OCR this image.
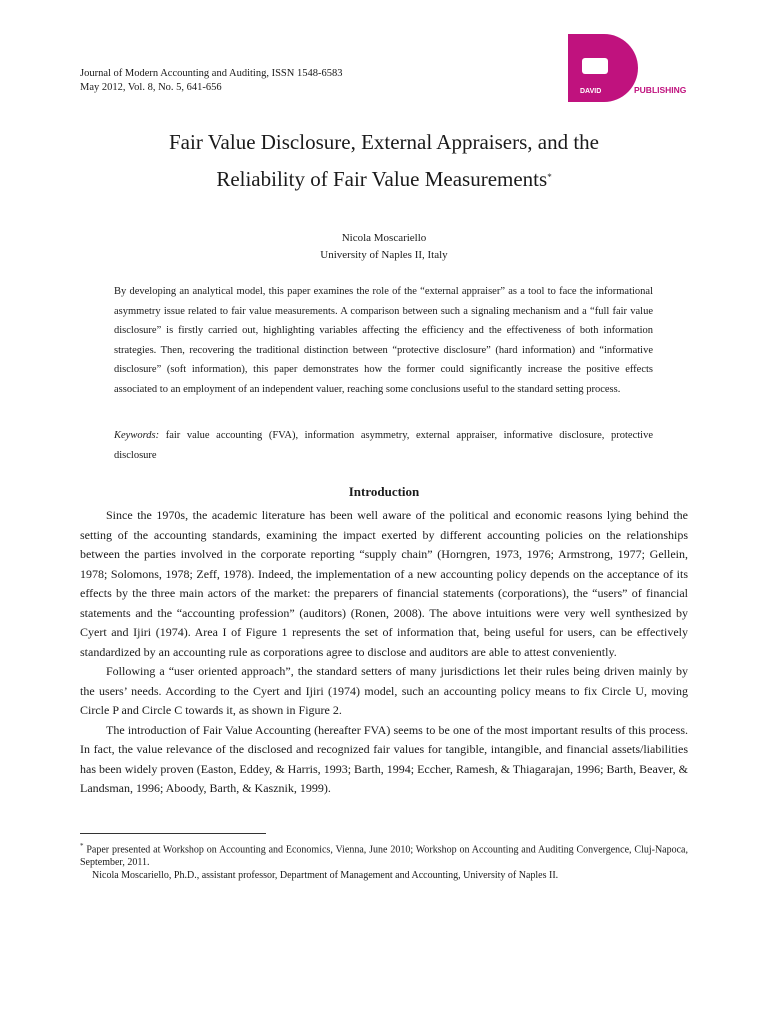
Journal of Modern Accounting and Auditing, ISSN 1548-6583
May 2012, Vol. 8, No. 5, 641-656	DAVID	PUBLISHING
Fair Value Disclosure, External Appraisers, and the
Reliability of Fair Value Measurements*
Nicola Moscariello
University of Naples II, Italy
By developing an analytical model, this paper examines the role of the “external appraiser” as a tool to face the informational asymmetry issue related to fair value measurements. A comparison between such a signaling mechanism and a “full fair value disclosure” is firstly carried out, highlighting variables affecting the efficiency and the effectiveness of both information strategies. Then, recovering the traditional distinction between “protective disclosure” (hard information) and “informative disclosure” (soft information), this paper demonstrates how the former could significantly increase the positive effects associated to an employment of an independent valuer, reaching some conclusions useful to the standard setting process.
Keywords: fair value accounting (FVA), information asymmetry, external appraiser, informative disclosure, protective disclosure
Introduction

Since the 1970s, the academic literature has been well aware of the political and economic reasons lying behind the setting of the accounting standards, examining the impact exerted by different accounting policies on the relationships between the parties involved in the corporate reporting “supply chain” (Horngren, 1973, 1976; Armstrong, 1977; Gellein, 1978; Solomons, 1978; Zeff, 1978). Indeed, the implementation of a new accounting policy depends on the acceptance of its effects by the three main actors of the market: the preparers of financial statements (corporations), the “users” of financial statements and the “accounting profession” (auditors) (Ronen, 2008). The above intuitions were very well synthesized by Cyert and Ijiri (1974). Area I of Figure 1 represents the set of information that, being useful for users, can be effectively standardized by an accounting rule as corporations agree to disclose and auditors are able to attest conveniently.

Following a “user oriented approach”, the standard setters of many jurisdictions let their rules being driven mainly by the users’ needs. According to the Cyert and Ijiri (1974) model, such an accounting policy means to fix Circle U, moving Circle P and Circle C towards it, as shown in Figure 2.

The introduction of Fair Value Accounting (hereafter FVA) seems to be one of the most important results of this process. In fact, the value relevance of the disclosed and recognized fair values for tangible, intangible, and financial assets/liabilities has been widely proven (Easton, Eddey, & Harris, 1993; Barth, 1994; Eccher, Ramesh, & Thiagarajan, 1996; Barth, Beaver, & Landsman, 1996; Aboody, Barth, & Kasznik, 1999).

* Paper presented at Workshop on Accounting and Economics, Vienna, June 2010; Workshop on Accounting and Auditing Convergence, Cluj-Napoca, September, 2011.

Nicola Moscariello, Ph.D., assistant professor, Department of Management and Accounting, University of Naples II.
